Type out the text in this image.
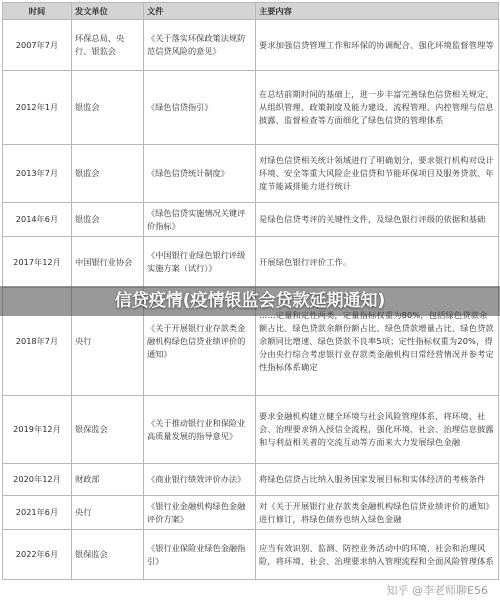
时间	发文单位	文件	主要内容
2007年7月	环保总局、央行、银监会	《关于落实环保政策法规防范信贷风险的意见》	要求加强信贷管理工作和环保的协调配合、强化环境监督管理等
2012年1月	银监会	《绿色信贷指引》	在总结前期时间的基础上，进一步丰富完善绿色信贷相关规定，从组织管理、政策制度及能力建设、流程管理、内控管理与信息披露、监督检查等方面细化了绿色信贷的管理体系
2013年7月	银监会	《绿色信贷统计制度》	对绿色信贷相关统计领域进行了明确划分，要求银行机构对设计环境、安全等重大风险企业信贷和节能环保项目及服务贷款、年度节能减排能力进行统计
2014年6月	银监会	《绿色信贷实施情况关键评价指标》	是绿色信贷考评的关键性文件，及绿色银行评级的依据和基础
2017年12月	中国银行业协会	《中国银行业绿色银行评级实施方案（试行）》	开展绿色银行评价工作。
2018年7月	央行	《关于开展银行业存款类金融机构绿色信贷业绩评价的通知》	额占比、绿色贷款余额份额占比、绿色贷款增量占比、绿色贷款余额同比增速、绿色贷款不良率5项；定性指标权重为20%，得分由央行综合考虑银行业存款类金融机构日常经营情况并参考定性指标体系确定
2019年12月	银保监会	《关于推动银行业和保险业高质量发展的指导意见》	要求金融机构建立健全环境与社会风险管理体系，将环境、社会、治理要求纳入授信全流程，强化环境、社会、治理信息披露和与利益相关者的交流互动等方面来大力发展绿色金融
2020年12月	财政部	《商业银行绩效评价办法》	将绿色信贷占比纳入服务国家发展目标和实体经济的考核条件
2021年6月	央行	《银行业金融机构绿色金融评价方案》	对《关于开展银行业存款类金融机构绿色信贷业绩评价的通知》进行修订，将绿色债券也纳入绿色金融
2022年6月	银保监会	《银行业保险业绿色金融指引》	应当有效识别、监测、防控业务活动中的环境、社会和治理风险，将环境、社会、治理要求纳入管理流程和全面风险管理体系
信贷疫情(疫情银监会贷款延期通知)
知乎 @李老师聊E56
